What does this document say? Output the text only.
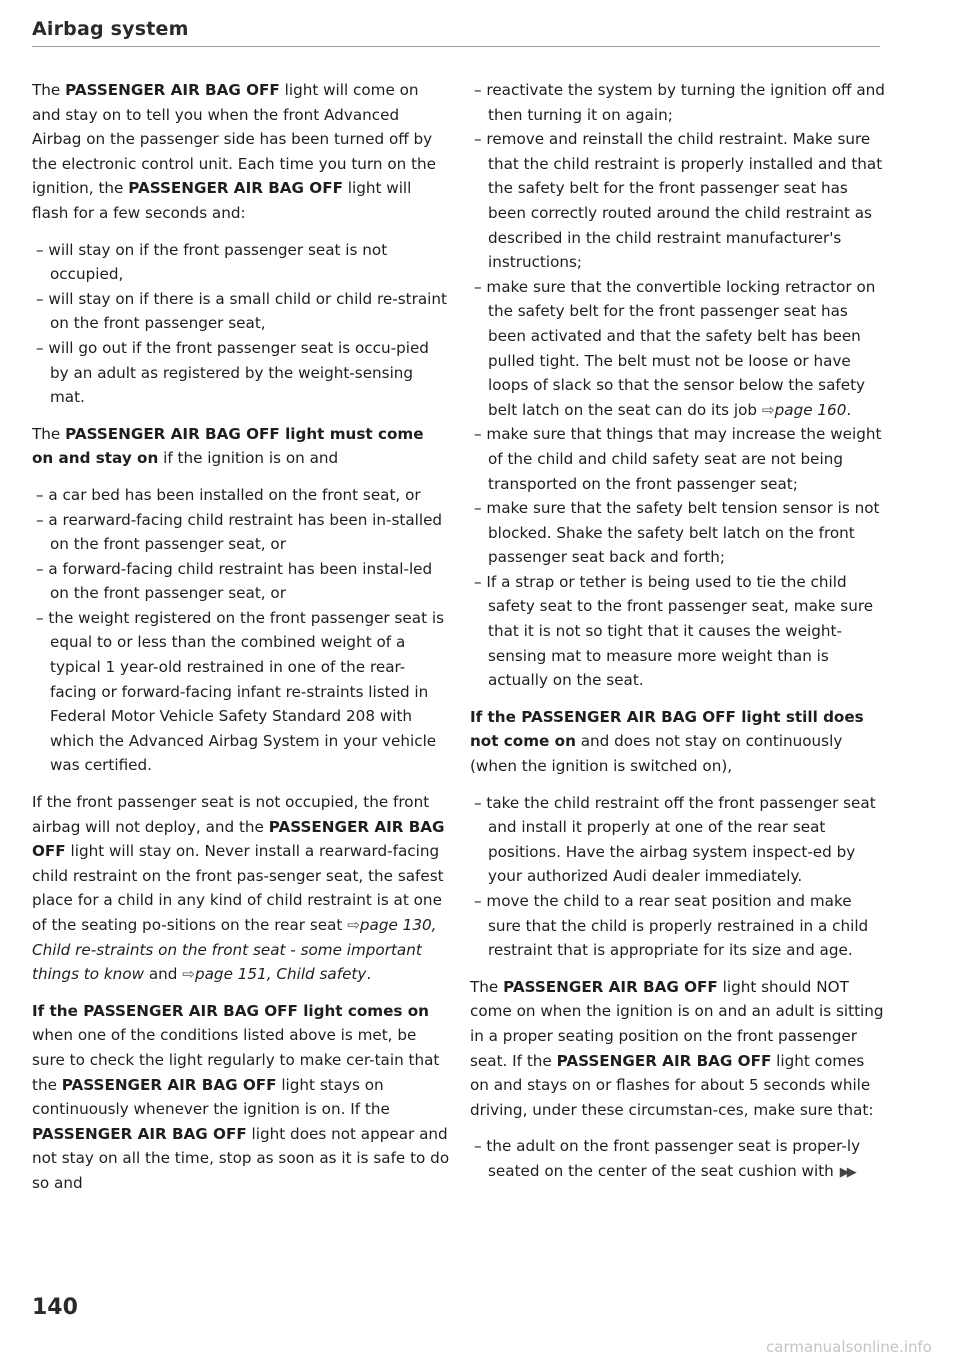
Airbag system

The PASSENGER AIR BAG OFF light will come on and stay on to tell you when the front Advanced Airbag on the passenger side has been turned off by the electronic control unit. Each time you turn on the ignition, the PASSENGER AIR BAG OFF light will flash for a few seconds and:

– will stay on if the front passenger seat is not occupied,
– will stay on if there is a small child or child re-straint on the front passenger seat,
– will go out if the front passenger seat is occu-pied by an adult as registered by the weight-sensing mat.

The PASSENGER AIR BAG OFF light must come on and stay on if the ignition is on and

– a car bed has been installed on the front seat, or
– a rearward-facing child restraint has been in-stalled on the front passenger seat, or
– a forward-facing child restraint has been instal-led on the front passenger seat, or
– the weight registered on the front passenger seat is equal to or less than the combined weight of a typical 1 year-old restrained in one of the rear-facing or forward-facing infant re-straints listed in Federal Motor Vehicle Safety Standard 208 with which the Advanced Airbag System in your vehicle was certified.

If the front passenger seat is not occupied, the front airbag will not deploy, and the PASSENGER AIR BAG OFF light will stay on. Never install a rearward-facing child restraint on the front pas-senger seat, the safest place for a child in any kind of child restraint is at one of the seating po-sitions on the rear seat ⇨page 130, Child re-straints on the front seat - some important things to know and ⇨page 151, Child safety.

If the PASSENGER AIR BAG OFF light comes on when one of the conditions listed above is met, be sure to check the light regularly to make cer-tain that the PASSENGER AIR BAG OFF light stays on continuously whenever the ignition is on. If the PASSENGER AIR BAG OFF light does not appear and not stay on all the time, stop as soon as it is safe to do so and

– reactivate the system by turning the ignition off and then turning it on again;
– remove and reinstall the child restraint. Make sure that the child restraint is properly installed and that the safety belt for the front passenger seat has been correctly routed around the child restraint as described in the child restraint manufacturer's instructions;
– make sure that the convertible locking retractor on the safety belt for the front passenger seat has been activated and that the safety belt has been pulled tight. The belt must not be loose or have loops of slack so that the sensor below the safety belt latch on the seat can do its job ⇨page 160.
– make sure that things that may increase the weight of the child and child safety seat are not being transported on the front passenger seat;
– make sure that the safety belt tension sensor is not blocked. Shake the safety belt latch on the front passenger seat back and forth;
– If a strap or tether is being used to tie the child safety seat to the front passenger seat, make sure that it is not so tight that it causes the weight-sensing mat to measure more weight than is actually on the seat.

If the PASSENGER AIR BAG OFF light still does not come on and does not stay on continuously (when the ignition is switched on),

– take the child restraint off the front passenger seat and install it properly at one of the rear seat positions. Have the airbag system inspect-ed by your authorized Audi dealer immediately.
– move the child to a rear seat position and make sure that the child is properly restrained in a child restraint that is appropriate for its size and age.

The PASSENGER AIR BAG OFF light should NOT come on when the ignition is on and an adult is sitting in a proper seating position on the front passenger seat. If the PASSENGER AIR BAG OFF light comes on and stays on or flashes for about 5 seconds while driving, under these circumstan-ces, make sure that:

– the adult on the front passenger seat is proper-ly seated on the center of the seat cushion with ▶▶
140
carmanualsonline.info
